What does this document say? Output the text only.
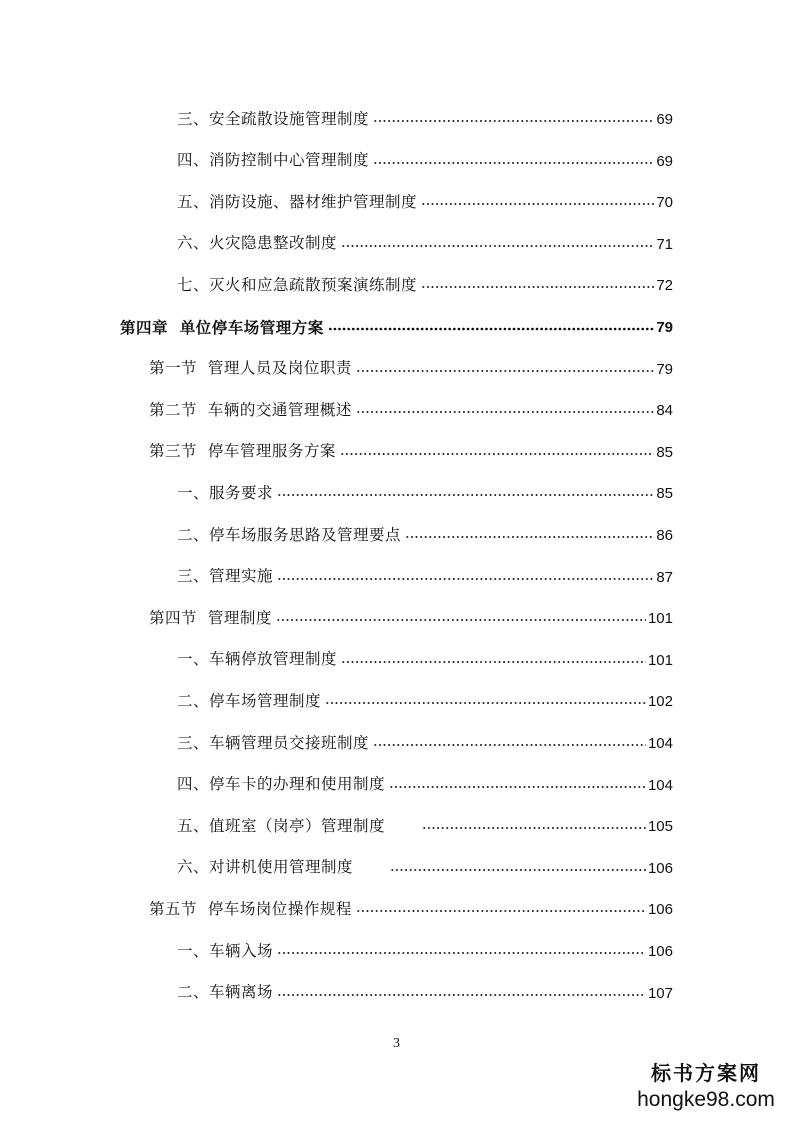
三、安全疏散设施管理制度	69
四、消防控制中心管理制度	69
五、消防设施、器材维护管理制度	70
六、火灾隐患整改制度	71
七、灭火和应急疏散预案演练制度	72
第四章  单位停车场管理方案	79
第一节  管理人员及岗位职责	79
第二节  车辆的交通管理概述	84
第三节  停车管理服务方案	85
一、服务要求	85
二、停车场服务思路及管理要点	86
三、管理实施	87
第四节  管理制度	101
一、车辆停放管理制度	101
二、停车场管理制度	102
三、车辆管理员交接班制度	104
四、停车卡的办理和使用制度	104
五、值班室（岗亭）管理制度	105
六、对讲机使用管理制度	106
第五节  停车场岗位操作规程	106
一、车辆入场	106
二、车辆离场	107
3
标书方案网
hongke98.com
